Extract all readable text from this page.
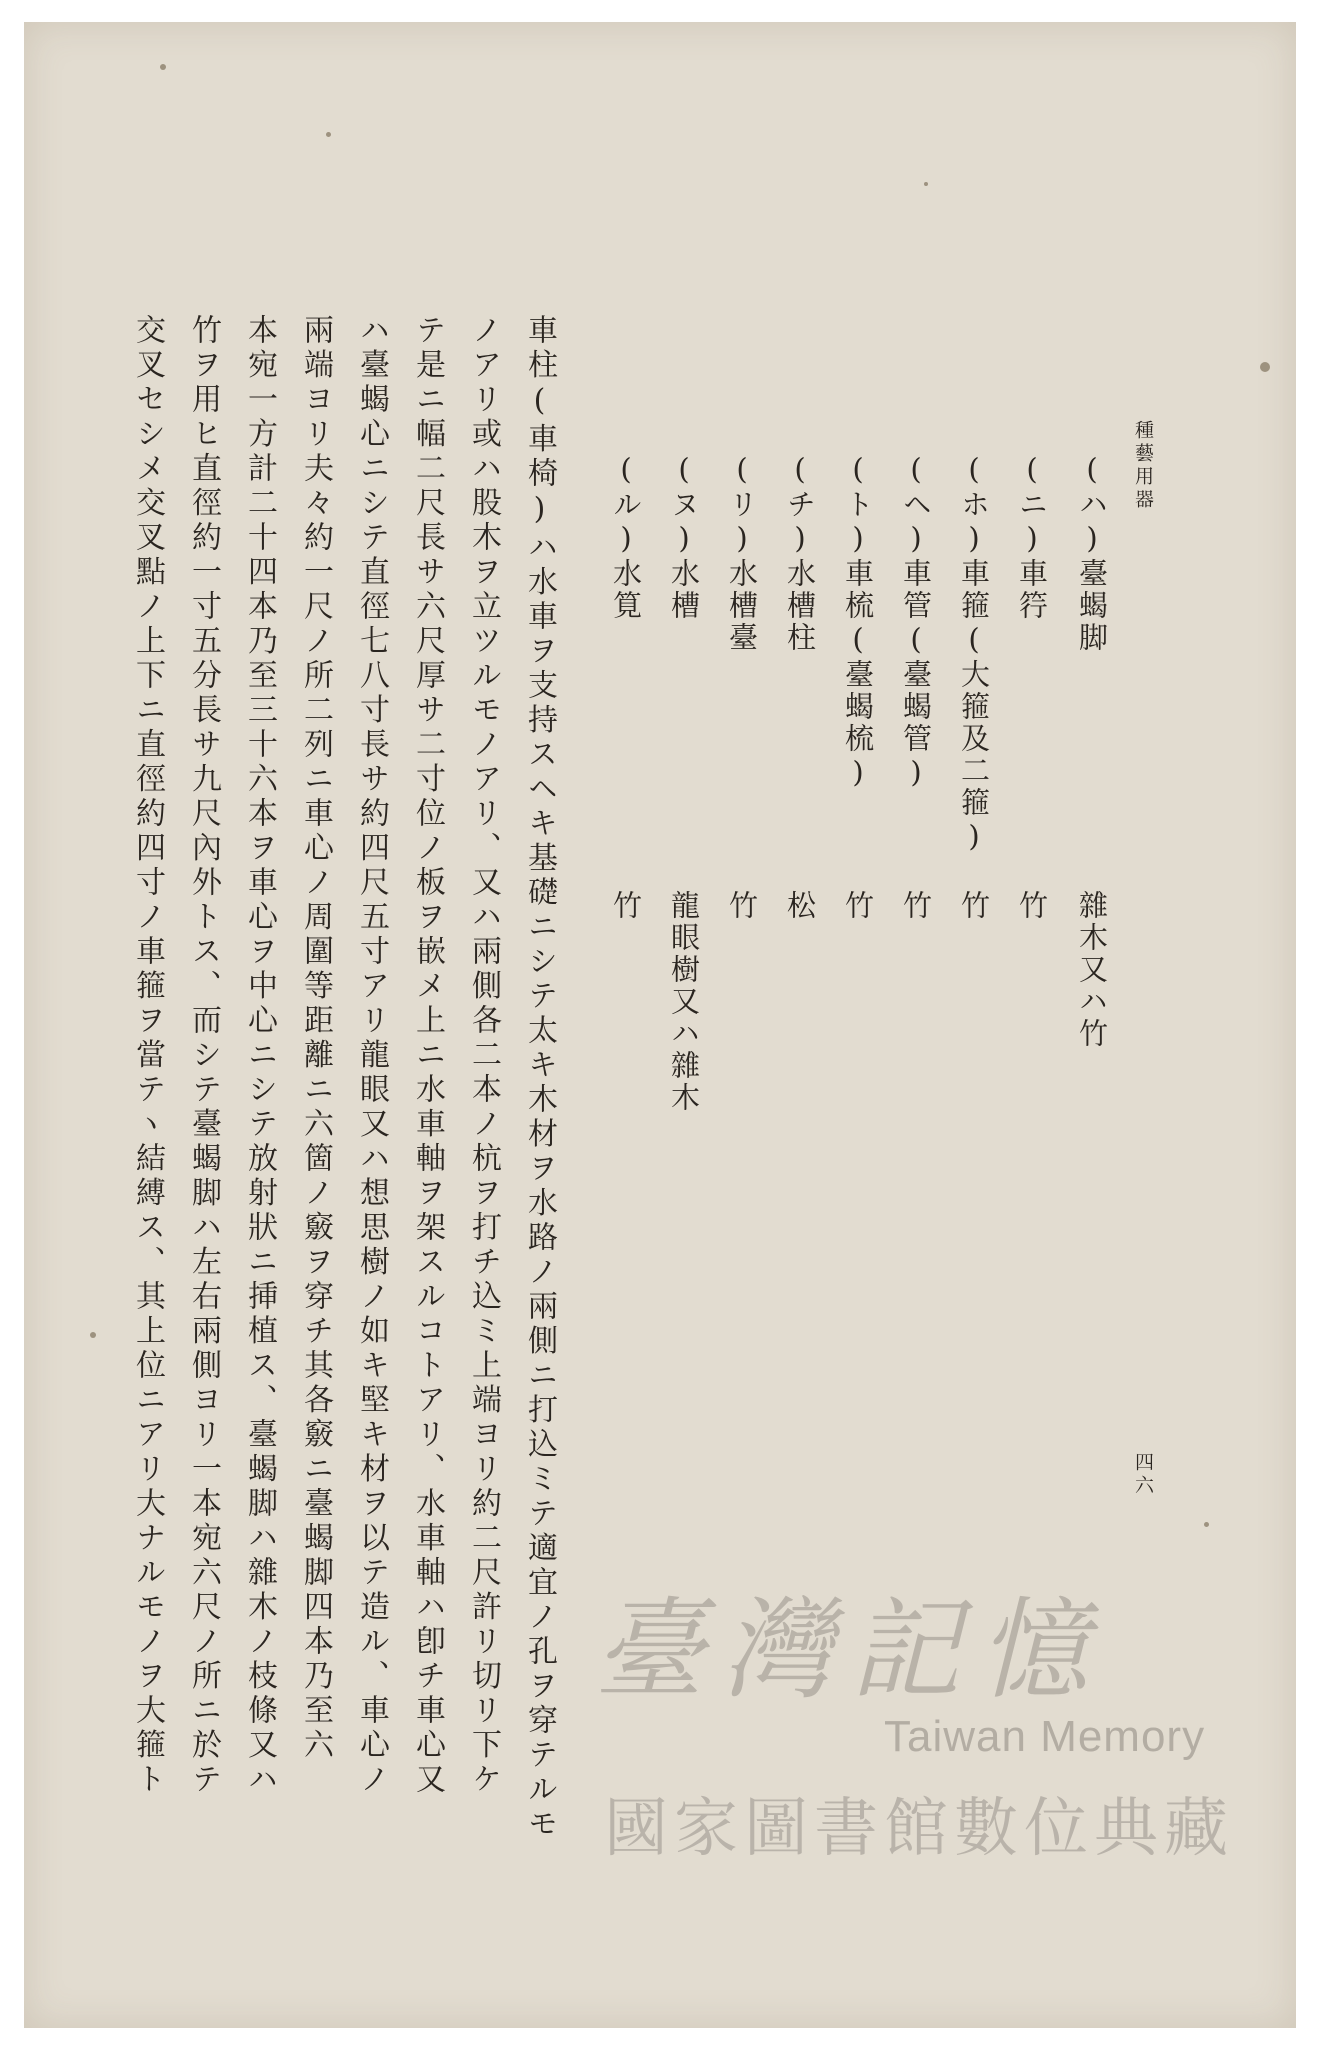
種藝用器
四六
(ハ)臺蝎脚
(ニ)車筕
(ホ)車箍(大箍及二箍)
(ヘ)車管(臺蝎管)
(ト)車梳(臺蝎梳)
(チ)水槽柱
(リ)水槽臺
(ヌ)水槽
(ル)水筧
雜木又ハ竹
竹
竹
竹
竹
松
竹
龍眼樹又ハ雜木
竹
車柱(車椅)ハ水車ヲ支持スヘキ基礎ニシテ太キ木材ヲ水路ノ兩側ニ打込ミテ適宜ノ孔ヲ穿テルモ
ノアリ或ハ股木ヲ立ツルモノアリ、又ハ兩側各二本ノ杭ヲ打チ込ミ上端ヨリ約二尺許リ切リ下ケ
テ是ニ幅二尺長サ六尺厚サ二寸位ノ板ヲ嵌メ上ニ水車軸ヲ架スルコトアリ、水車軸ハ卽チ車心又
ハ臺蝎心ニシテ直徑七八寸長サ約四尺五寸アリ龍眼又ハ想思樹ノ如キ堅キ材ヲ以テ造ル、車心ノ
兩端ヨリ夫々約一尺ノ所二列ニ車心ノ周圍等距離ニ六箇ノ竅ヲ穿チ其各竅ニ臺蝎脚四本乃至六
本宛一方計二十四本乃至三十六本ヲ車心ヲ中心ニシテ放射狀ニ挿植ス、臺蝎脚ハ雜木ノ枝條又ハ
竹ヲ用ヒ直徑約一寸五分長サ九尺內外トス、而シテ臺蝎脚ハ左右兩側ヨリ一本宛六尺ノ所ニ於テ
交叉セシメ交叉點ノ上下ニ直徑約四寸ノ車箍ヲ當テヽ結縛ス、其上位ニアリ大ナルモノヲ大箍ト	臺灣記憶
Taiwan Memory
國家圖書館數位典藏
